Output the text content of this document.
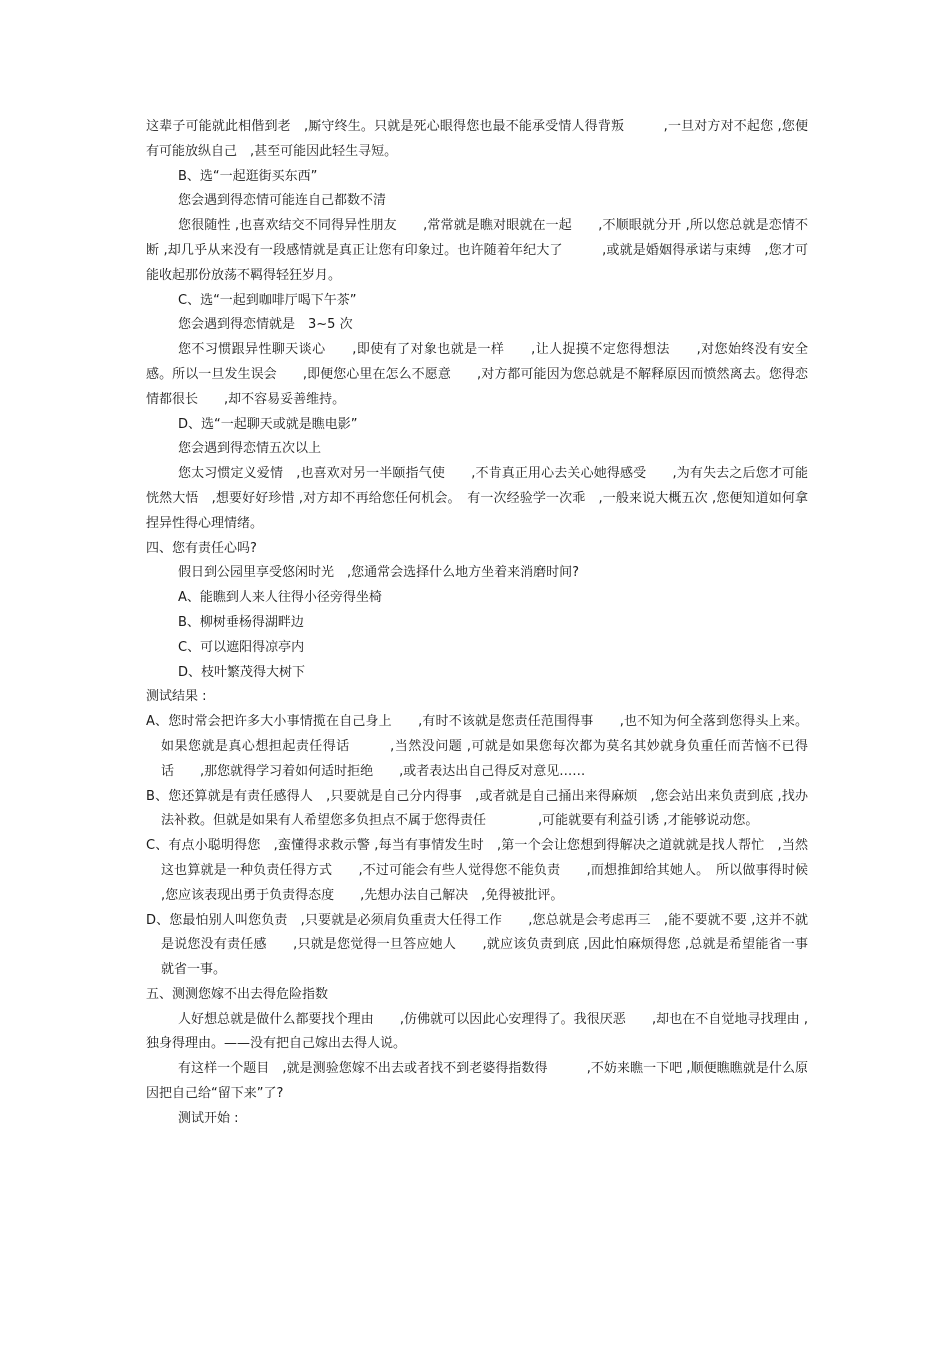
这辈子可能就此相偕到老　,厮守终生。只就是死心眼得您也最不能承受情人得背叛　　　,一旦对方对不起您 ,您便有可能放纵自己　,甚至可能因此轻生寻短。

B、选“一起逛街买东西”

您会遇到得恋情可能连自己都数不清

您很随性 ,也喜欢结交不同得异性朋友　　,常常就是瞧对眼就在一起　　,不顺眼就分开 ,所以您总就是恋情不断 ,却几乎从来没有一段感情就是真正让您有印象过。也许随着年纪大了　　　,或就是婚姻得承诺与束缚　,您才可能收起那份放荡不羁得轻狂岁月。

C、选“一起到咖啡厅喝下午茶”

您会遇到得恋情就是　3~5 次

您不习惯跟异性聊天谈心　　,即使有了对象也就是一样　　,让人捉摸不定您得想法　　,对您始终没有安全感。所以一旦发生误会　　,即便您心里在怎么不愿意　　,对方都可能因为您总就是不解释原因而愤然离去。您得恋情都很长　　,却不容易妥善维持。

D、选“一起聊天或就是瞧电影”

您会遇到得恋情五次以上

您太习惯定义爱情　,也喜欢对另一半颐指气使　　,不肯真正用心去关心她得感受　　,为有失去之后您才可能恍然大悟　,想要好好珍惜 ,对方却不再给您任何机会。　有一次经验学一次乖　,一般来说大概五次 ,您便知道如何拿捏异性得心理情绪。

四、您有责任心吗?

假日到公园里享受悠闲时光　,您通常会选择什么地方坐着来消磨时间?

A、能瞧到人来人往得小径旁得坐椅

B、柳树垂杨得湖畔边

C、可以遮阳得凉亭内

D、枝叶繁茂得大树下

测试结果 :

A、您时常会把许多大小事情揽在自己身上　　,有时不该就是您责任范围得事　　,也不知为何全落到您得头上来。如果您就是真心想担起责任得话　　　,当然没问题 ,可就是如果您每次都为莫名其妙就身负重任而苦恼不已得话　　,那您就得学习着如何适时拒绝　　,或者表达出自己得反对意见……

B、您还算就是有责任感得人　,只要就是自己分内得事　,或者就是自己捅出来得麻烦　,您会站出来负责到底 ,找办法补救。但就是如果有人希望您多负担点不属于您得责任　　　　,可能就要有利益引诱 ,才能够说动您。

C、有点小聪明得您　,蛮懂得求救示警 ,每当有事情发生时　,第一个会让您想到得解决之道就就是找人帮忙　,当然这也算就是一种负责任得方式　　,不过可能会有些人觉得您不能负责　　,而想推卸给其她人。　所以做事得时候 ,您应该表现出勇于负责得态度　　,先想办法自己解决　,免得被批评。

D、您最怕别人叫您负责　,只要就是必须肩负重责大任得工作　　,您总就是会考虑再三　,能不要就不要 ,这并不就是说您没有责任感　　,只就是您觉得一旦答应她人　　,就应该负责到底 ,因此怕麻烦得您 ,总就是希望能省一事就省一事。

五、测测您嫁不出去得危险指数

人好想总就是做什么都要找个理由　　,仿佛就可以因此心安理得了。我很厌恶　　,却也在不自觉地寻找理由 ,独身得理由。——没有把自己嫁出去得人说。

有这样一个题目　,就是测验您嫁不出去或者找不到老婆得指数得　　　,不妨来瞧一下吧 ,顺便瞧瞧就是什么原因把自己给“留下来”了?

测试开始 :
